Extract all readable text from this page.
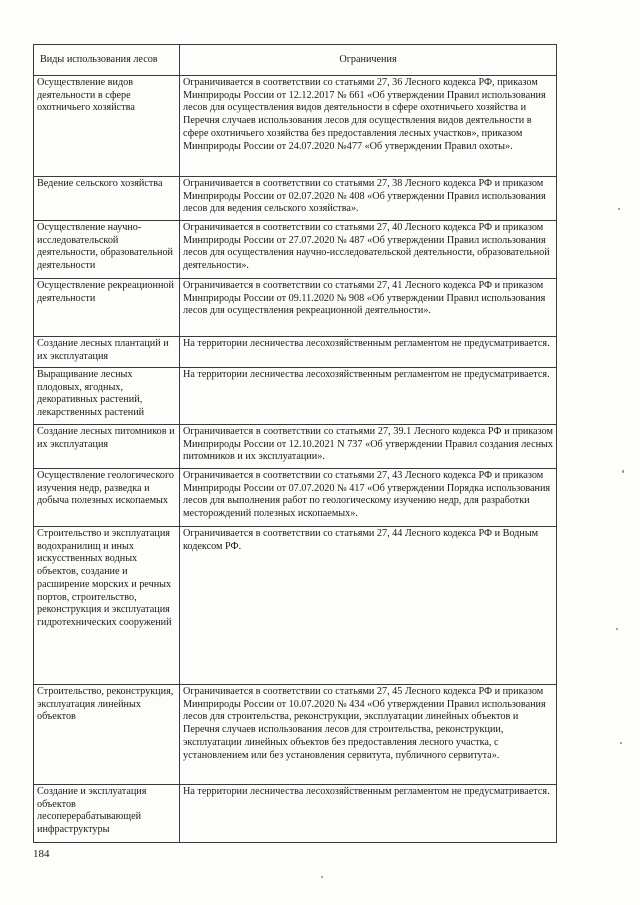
Виды использования лесов	Ограничения
Осуществление видов деятельности в сфере охотничьего хозяйства	Ограничивается в соответствии со статьями 27, 36 Лесного кодекса РФ, приказом Минприроды России от 12.12.2017 № 661 «Об утверждении Правил использования лесов для осуществления видов деятельности в сфере охотничьего хозяйства и Перечня случаев использования лесов для осуществления видов деятельности в сфере охотничьего хозяйства без предоставления лесных участков», приказом Минприроды России от 24.07.2020 №477 «Об утверждении Правил охоты».
Ведение сельского хозяйства	Ограничивается в соответствии со статьями 27, 38 Лесного кодекса РФ и приказом Минприроды России от 02.07.2020 № 408 «Об утверждении Правил использования лесов для ведения сельского хозяйства».
Осуществление научно-исследовательской деятельности, образовательной деятельности	Ограничивается в соответствии со статьями 27, 40 Лесного кодекса РФ и приказом Минприроды России от 27.07.2020 № 487 «Об утверждении Правил использования лесов для осуществления научно-исследовательской деятельности, образовательной деятельности».
Осуществление рекреационной деятельности	Ограничивается в соответствии со статьями 27, 41 Лесного кодекса РФ и приказом Минприроды России от 09.11.2020 № 908 «Об утверждении Правил использования лесов для осуществления рекреационной деятельности».
Создание лесных плантаций и их эксплуатация	На территории лесничества лесохозяйственным регламентом не предусматривается.
Выращивание лесных плодовых, ягодных, декоративных растений, лекарственных растений	На территории лесничества лесохозяйственным регламентом не предусматривается.
Создание лесных питомников и их эксплуатация	Ограничивается в соответствии со статьями 27, 39.1 Лесного кодекса РФ и приказом Минприроды России от 12.10.2021 N 737 «Об утверждении Правил создания лесных питомников и их эксплуатации».
Осуществление геологического изучения недр, разведка и добыча полезных ископаемых	Ограничивается в соответствии со статьями 27, 43 Лесного кодекса РФ и приказом Минприроды России от 07.07.2020 № 417 «Об утверждении Порядка использования лесов для выполнения работ по геологическому изучению недр, для разработки месторождений полезных ископаемых».
Строительство и эксплуатация водохранилищ и иных искусственных водных объектов, создание и расширение морских и речных портов, строительство, реконструкция и эксплуатация гидротехнических сооружений	Ограничивается в соответствии со статьями 27, 44 Лесного кодекса РФ и Водным кодексом РФ.
Строительство, реконструкция, эксплуатация линейных объектов	Ограничивается в соответствии со статьями 27, 45 Лесного кодекса РФ и приказом Минприроды России от 10.07.2020 № 434 «Об утверждении Правил использования лесов для строительства, реконструкции, эксплуатации линейных объектов и Перечня случаев использования лесов для строительства, реконструкции, эксплуатации линейных объектов без предоставления лесного участка, с установлением или без установления сервитута, публичного сервитута».
Создание и эксплуатация объектов лесоперерабатывающей инфраструктуры	На территории лесничества лесохозяйственным регламентом не предусматривается.
184
